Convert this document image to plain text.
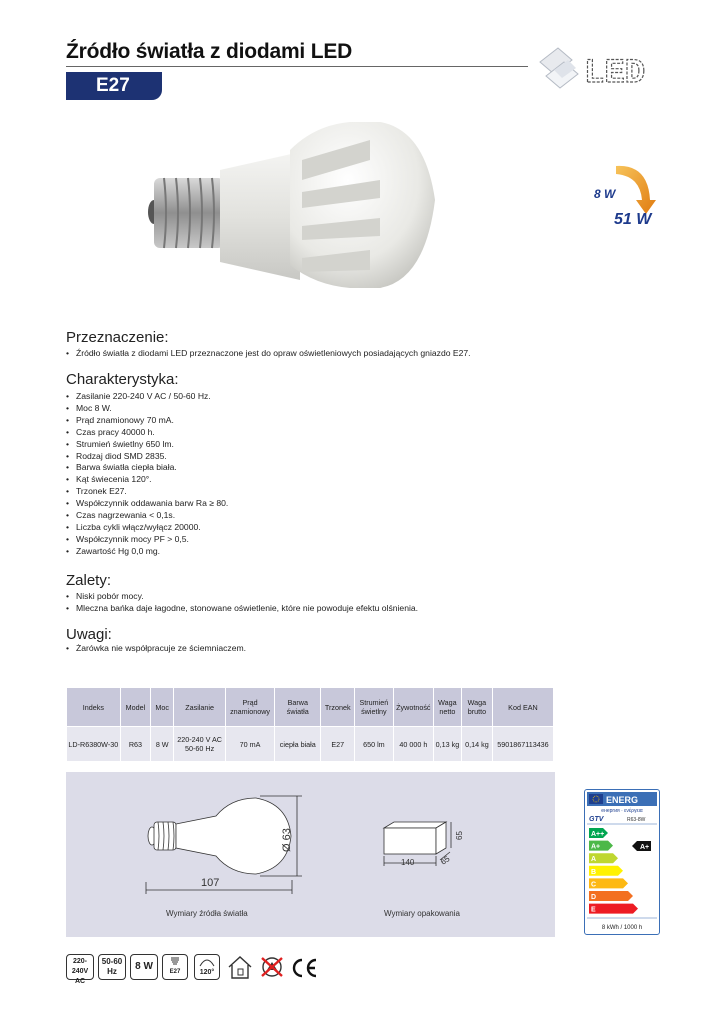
Źródło światła z diodami LED
E27	LED
8 W
51 W
Przeznaczenie:
• Źródło światła z diodami LED przeznaczone jest do opraw oświetleniowych posiadających gniazdo E27.
Charakterystyka:
• Zasilanie 220-240 V AC / 50-60 Hz.
• Moc 8 W.
• Prąd znamionowy 70 mA.
• Czas pracy 40000 h.
• Strumień świetlny 650 lm.
• Rodzaj diod SMD 2835.
• Barwa światła ciepła biała.
• Kąt świecenia 120°.
• Trzonek E27.
• Współczynnik oddawania barw Ra ≥ 80.
• Czas nagrzewania < 0,1s.
• Liczba cykli włącz/wyłącz 20000.
• Współczynnik mocy PF > 0,5.
• Zawartość Hg 0,0 mg.
Zalety:
• Niski pobór mocy.
• Mleczna bańka daje łagodne, stonowane oświetlenie, które nie powoduje efektu olśnienia.
Uwagi:
• Żarówka nie współpracuje ze ściemniaczem.
Indeks	Model	Moc	Zasilanie	Prąd znamionowy	Barwa światła	Trzonek	Strumień świetlny	Żywotność	Waga netto	Waga brutto	Kod EAN
LD-R6380W-30	R63	8 W	220-240 V AC 50-60 Hz	70 mA	ciepła biała	E27	650 lm	40 000 h	0,13 kg	0,14 kg	5901867113436
107
Ø 63
140	65
65
Wymiary źródła światła	Wymiary opakowania
ENERG
енергия · ενέργεια
GTV	R63-8W
A++
A+
A
B
C
D
E
A+
8 kWh / 1000 h
220-240V AC
50-60 Hz	8 W	E27	120°
